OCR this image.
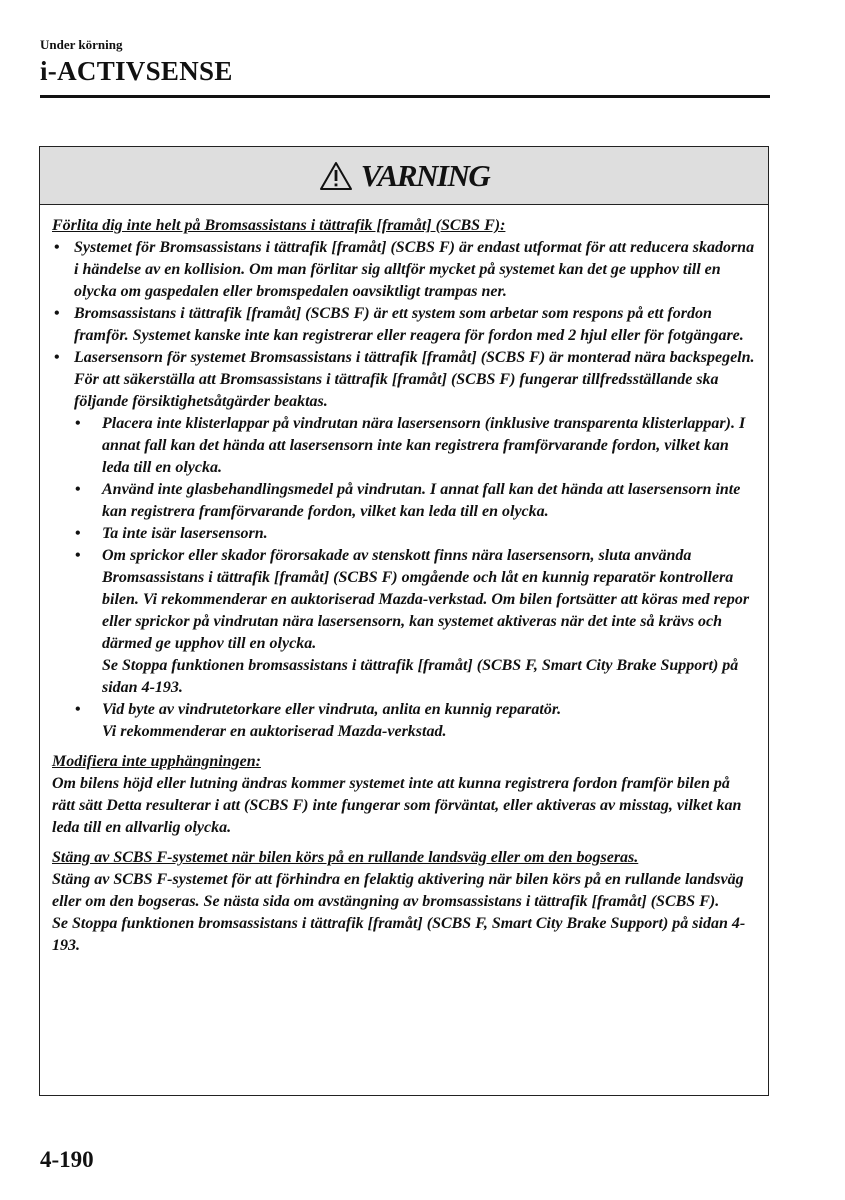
Under körning
i-ACTIVSENSE
VARNING

Förlita dig inte helt på Bromsassistans i tättrafik [framåt] (SCBS F):

• Systemet för Bromsassistans i tättrafik [framåt] (SCBS F) är endast utformat för att reducera skadorna i händelse av en kollision. Om man förlitar sig alltför mycket på systemet kan det ge upphov till en olycka om gaspedalen eller bromspedalen oavsiktligt trampas ner.
• Bromsassistans i tättrafik [framåt] (SCBS F) är ett system som arbetar som respons på ett fordon framför. Systemet kanske inte kan registrerar eller reagera för fordon med 2 hjul eller för fotgängare.
• Lasersensorn för systemet Bromsassistans i tättrafik [framåt] (SCBS F) är monterad nära backspegeln. För att säkerställa att Bromsassistans i tättrafik [framåt] (SCBS F) fungerar tillfredsställande ska följande försiktighetsåtgärder beaktas.
• Placera inte klisterlappar på vindrutan nära lasersensorn (inklusive transparenta klisterlappar). I annat fall kan det hända att lasersensorn inte kan registrera framförvarande fordon, vilket kan leda till en olycka.
• Använd inte glasbehandlingsmedel på vindrutan. I annat fall kan det hända att lasersensorn inte kan registrera framförvarande fordon, vilket kan leda till en olycka.
• Ta inte isär lasersensorn.
• Om sprickor eller skador förorsakade av stenskott finns nära lasersensorn, sluta använda Bromsassistans i tättrafik [framåt] (SCBS F) omgående och låt en kunnig reparatör kontrollera bilen. Vi rekommenderar en auktoriserad Mazda-verkstad. Om bilen fortsätter att köras med repor eller sprickor på vindrutan nära lasersensorn, kan systemet aktiveras när det inte så krävs och därmed ge upphov till en olycka.
Se Stoppa funktionen bromsassistans i tättrafik [framåt] (SCBS F, Smart City Brake Support) på sidan 4-193.
• Vid byte av vindrutetorkare eller vindruta, anlita en kunnig reparatör.
Vi rekommenderar en auktoriserad Mazda-verkstad.

Modifiera inte upphängningen:

Om bilens höjd eller lutning ändras kommer systemet inte att kunna registrera fordon framför bilen på rätt sätt Detta resulterar i att (SCBS F) inte fungerar som förväntat, eller aktiveras av misstag, vilket kan leda till en allvarlig olycka.

Stäng av SCBS F-systemet när bilen körs på en rullande landsväg eller om den bogseras.

Stäng av SCBS F-systemet för att förhindra en felaktig aktivering när bilen körs på en rullande landsväg eller om den bogseras. Se nästa sida om avstängning av bromsassistans i tättrafik [framåt] (SCBS F).

Se Stoppa funktionen bromsassistans i tättrafik [framåt] (SCBS F, Smart City Brake Support) på sidan 4-193.

4-190
